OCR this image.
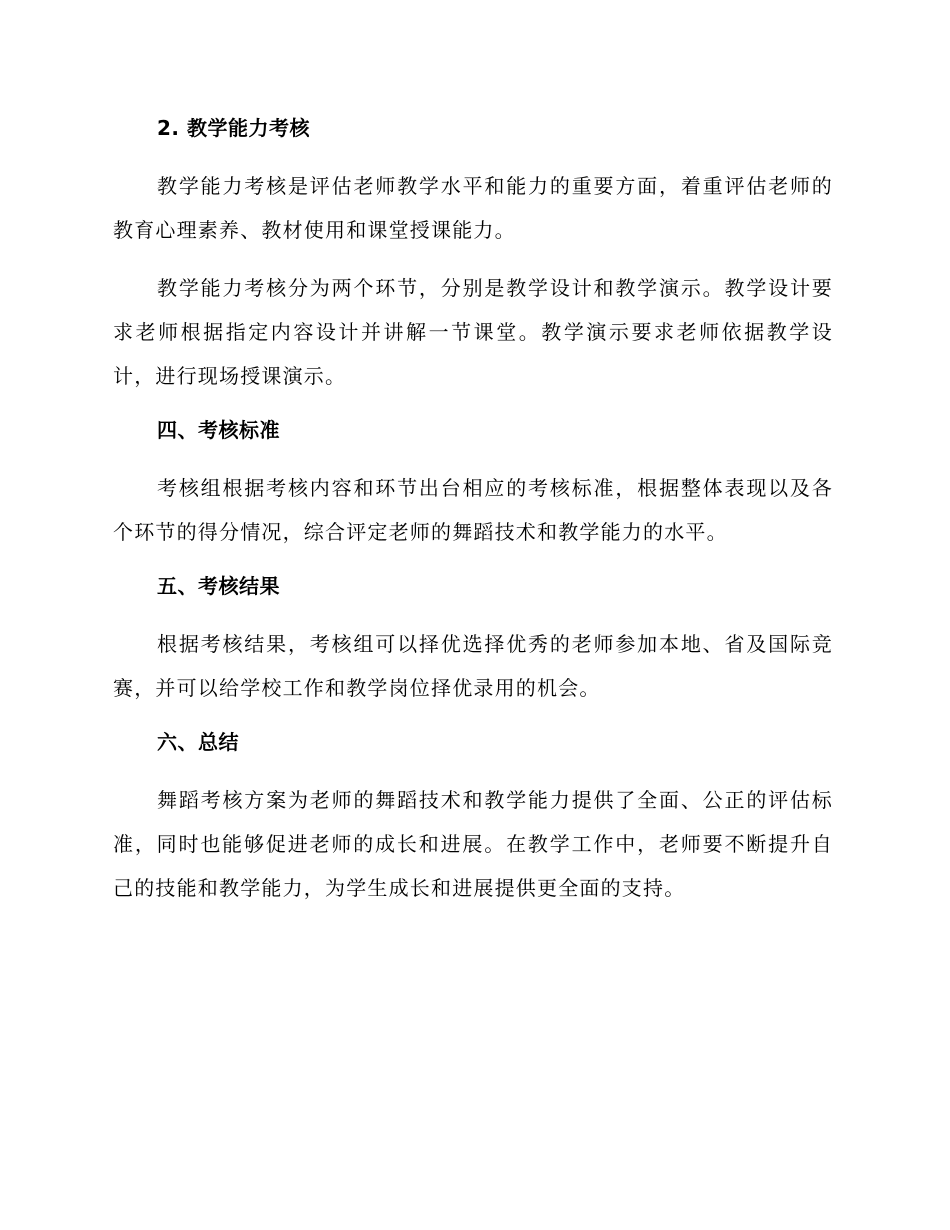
2. 教学能力考核

教学能力考核是评估老师教学水平和能力的重要方面，着重评估老师的教育心理素养、教材使用和课堂授课能力。

教学能力考核分为两个环节，分别是教学设计和教学演示。教学设计要求老师根据指定内容设计并讲解一节课堂。教学演示要求老师依据教学设计，进行现场授课演示。

四、考核标准

考核组根据考核内容和环节出台相应的考核标准，根据整体表现以及各个环节的得分情况，综合评定老师的舞蹈技术和教学能力的水平。

五、考核结果

根据考核结果，考核组可以择优选择优秀的老师参加本地、省及国际竞赛，并可以给学校工作和教学岗位择优录用的机会。

六、总结

舞蹈考核方案为老师的舞蹈技术和教学能力提供了全面、公正的评估标准，同时也能够促进老师的成长和进展。在教学工作中，老师要不断提升自己的技能和教学能力，为学生成长和进展提供更全面的支持。
